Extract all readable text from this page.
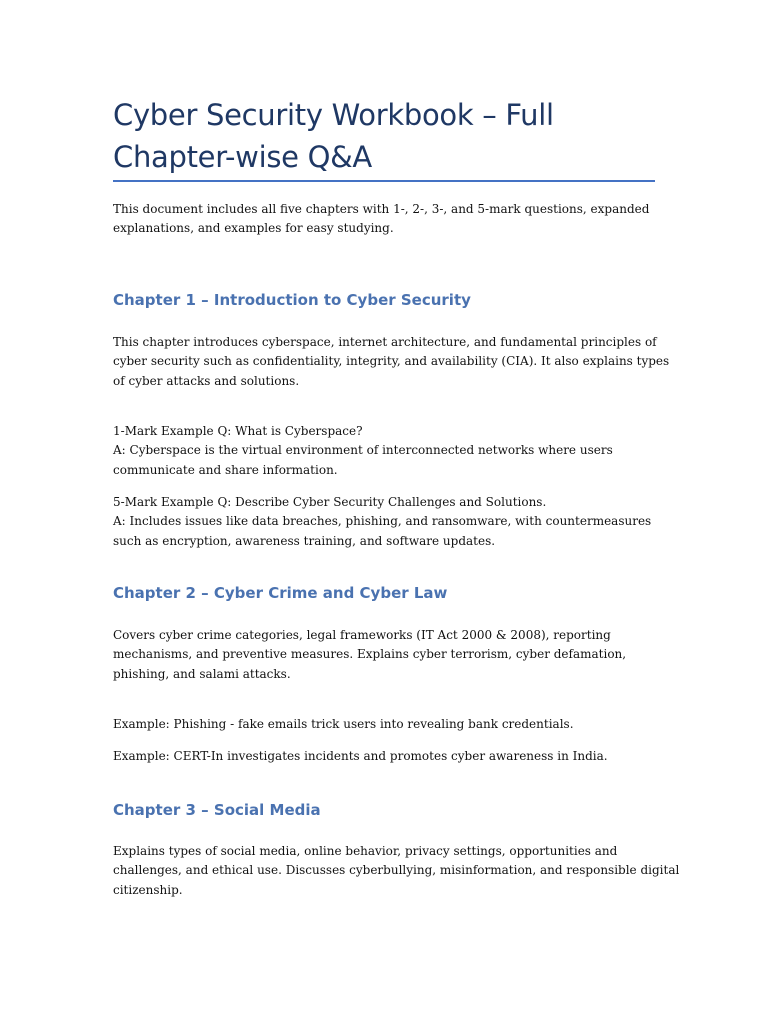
Cyber Security Workbook – Full
Chapter-wise Q&A

This document includes all five chapters with 1-, 2-, 3-, and 5-mark questions, expanded
explanations, and examples for easy studying.

Chapter 1 – Introduction to Cyber Security

This chapter introduces cyberspace, internet architecture, and fundamental principles of
cyber security such as confidentiality, integrity, and availability (CIA). It also explains types
of cyber attacks and solutions.

1-Mark Example Q: What is Cyberspace?
A: Cyberspace is the virtual environment of interconnected networks where users
communicate and share information.

5-Mark Example Q: Describe Cyber Security Challenges and Solutions.
A: Includes issues like data breaches, phishing, and ransomware, with countermeasures
such as encryption, awareness training, and software updates.

Chapter 2 – Cyber Crime and Cyber Law

Covers cyber crime categories, legal frameworks (IT Act 2000 & 2008), reporting
mechanisms, and preventive measures. Explains cyber terrorism, cyber defamation,
phishing, and salami attacks.

Example: Phishing - fake emails trick users into revealing bank credentials.

Example: CERT-In investigates incidents and promotes cyber awareness in India.

Chapter 3 – Social Media

Explains types of social media, online behavior, privacy settings, opportunities and
challenges, and ethical use. Discusses cyberbullying, misinformation, and responsible digital
citizenship.
